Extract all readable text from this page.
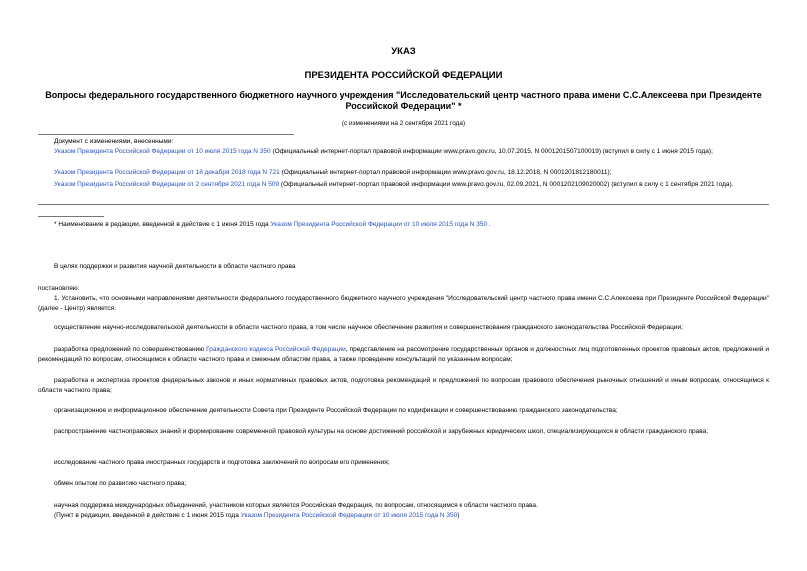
УКАЗ
ПРЕЗИДЕНТА РОССИЙСКОЙ ФЕДЕРАЦИИ
Вопросы федерального государственного бюджетного научного учреждения "Исследовательский центр частного права имени С.С.Алексеева при Президенте Российской Федерации" *
(с изменениями на 2 сентября 2021 года)
Документ с изменениями, внесенными:
Указом Президента Российской Федерации от 10 июля 2015 года N 350 (Официальный интернет-портал правовой информации www.pravo.gov.ru, 10.07.2015, N 0001201507100019) (вступил в силу с 1 июня 2015 года);
Указом Президента Российской Федерации от 18 декабря 2018 года N 721 (Официальный интернет-портал правовой информации www.pravo.gov.ru, 18.12.2018, N 0001201812180011);
Указом Президента Российской Федерации от 2 сентября 2021 года N 509 (Официальный интернет-портал правовой информации www.pravo.gov.ru, 02.09.2021, N 0001202109020002) (вступил в силу с 1 сентября 2021 года).
* Наименование в редакции, введенной в действие с 1 июня 2015 года Указом Президента Российской Федерации от 10 июля 2015 года N 350 .
В целях поддержки и развития научной деятельности в области частного права
постановляю:
1. Установить, что основными направлениями деятельности федерального государственного бюджетного научного учреждения "Исследовательский центр частного права имени С.С.Алексеева при Президенте Российской Федерации" (далее - Центр) является:
осуществление научно-исследовательской деятельности в области частного права, в том числе научное обеспечение развития и совершенствования гражданского законодательства Российской Федерации;
разработка предложений по совершенствованию Гражданского кодекса Российской Федерации, представление на рассмотрение государственных органов и должностных лиц подготовленных проектов правовых актов, предложений и рекомендаций по вопросам, относящимся к области частного права и смежным областям права, а также проведение консультаций по указанным вопросам;
разработка и экспертиза проектов федеральных законов и иных нормативных правовых актов, подготовка рекомендаций и предложений по вопросам правового обеспечения рыночных отношений и иным вопросам, относящимся к области частного права;
организационное и информационное обеспечение деятельности Совета при Президенте Российской Федерации по кодификации и совершенствованию гражданского законодательства;
распространение частноправовых знаний и формирование современной правовой культуры на основе достижений российской и зарубежных юридических школ, специализирующихся в области гражданского права;
исследование частного права иностранных государств и подготовка заключений по вопросам его применения;
обмен опытом по развитию частного права;
научная поддержка международных объединений, участником которых является Российская Федерация, по вопросам, относящимся к области частного права.
(Пункт в редакции, введенной в действие с 1 июня 2015 года Указом Президента Российской Федерации от 10 июля 2015 года N 350)
